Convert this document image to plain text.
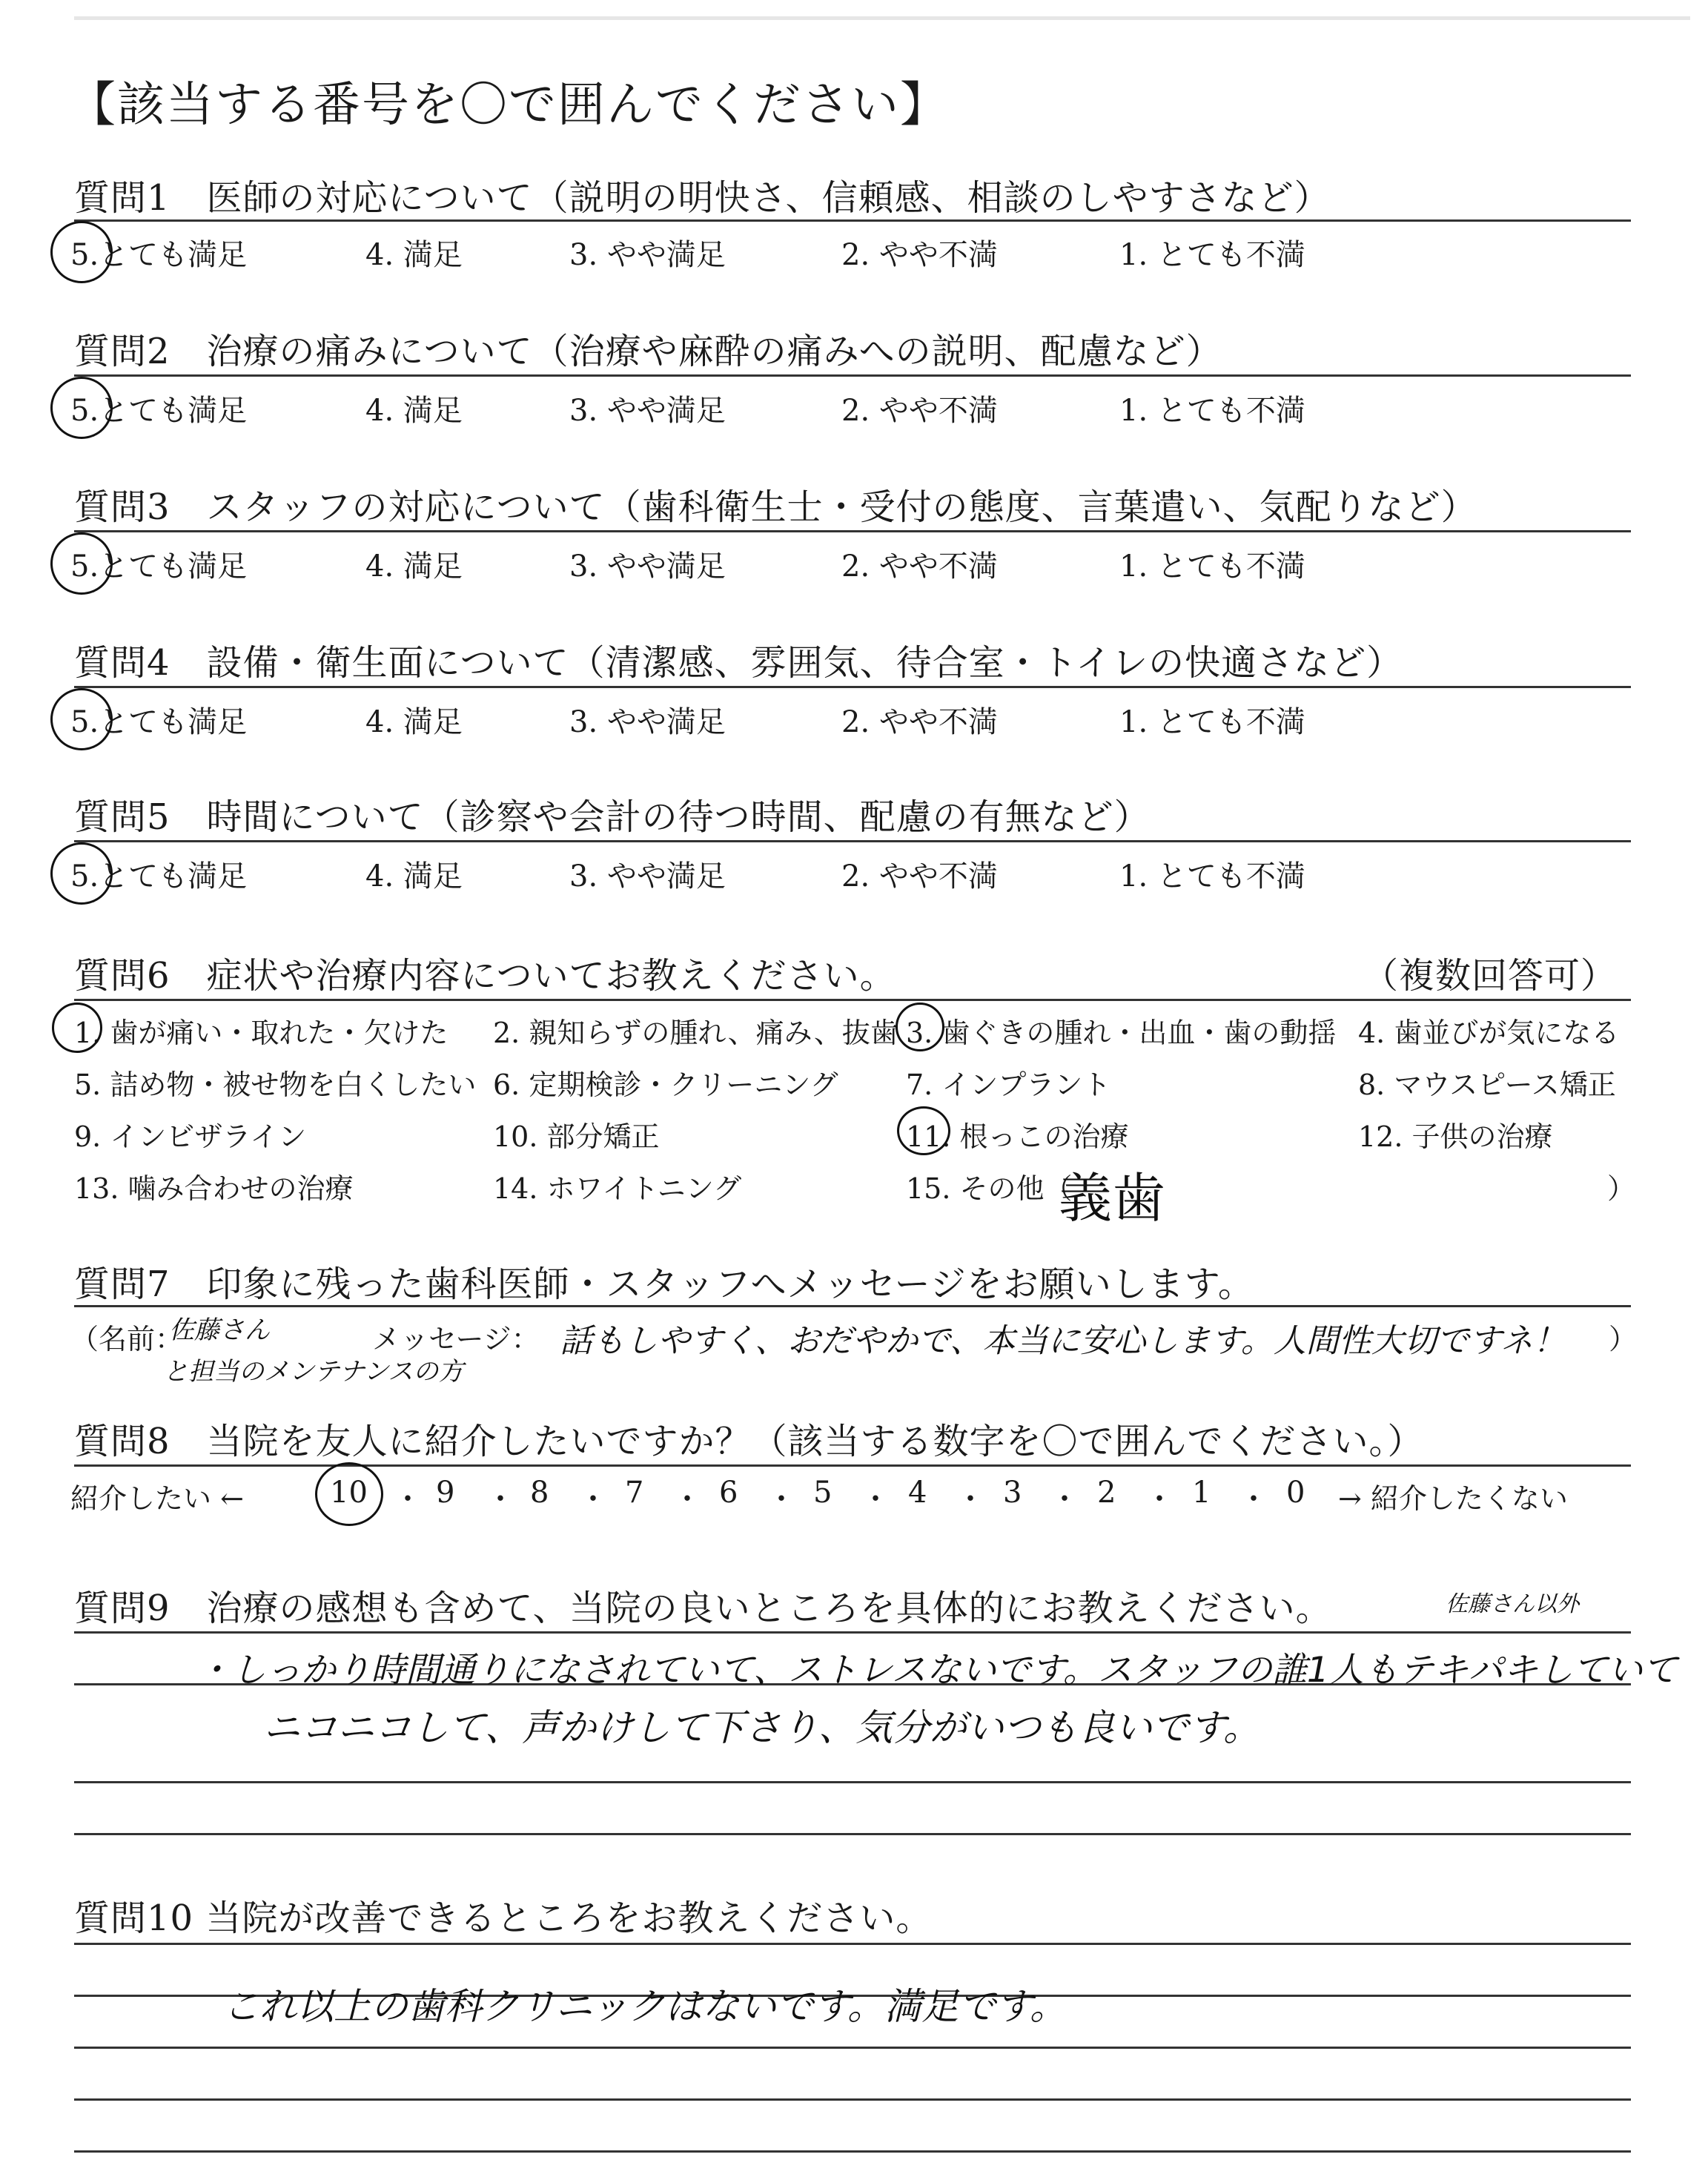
【該当する番号を〇で囲んでください】
質問1　医師の対応について（説明の明快さ、信頼感、相談のしやすさなど）
5.とても満足	4. 満足	3. やや満足	2. やや不満	1. とても不満
質問2　治療の痛みについて（治療や麻酔の痛みへの説明、配慮など）
5.とても満足	4. 満足	3. やや満足	2. やや不満	1. とても不満
質問3　スタッフの対応について（歯科衛生士・受付の態度、言葉遣い、気配りなど）
5.とても満足	4. 満足	3. やや満足	2. やや不満	1. とても不満
質問4　設備・衛生面について（清潔感、雰囲気、待合室・トイレの快適さなど）
5.とても満足	4. 満足	3. やや満足	2. やや不満	1. とても不満
質問5　時間について（診察や会計の待つ時間、配慮の有無など）
5.とても満足	4. 満足	3. やや満足	2. やや不満	1. とても不満
質問6　症状や治療内容についてお教えください。	（複数回答可）
1. 歯が痛い・取れた・欠けた 2. 親知らずの腫れ、痛み、抜歯 3. 歯ぐきの腫れ・出血・歯の動揺 4. 歯並びが気になる
5. 詰め物・被せ物を白くしたい 6. 定期検診・クリーニング 7. インプラント	8. マウスピース矯正
9. インビザライン	10. 部分矯正	11. 根っこの治療	12. 子供の治療
13. 噛み合わせの治療	14. ホワイトニング	15. その他（
義歯	）
質問7　印象に残った歯科医師・スタッフへメッセージをお願いします。
（名前：
佐藤さん
と担当のメンテナンスの方
メッセージ： 話もしやすく、おだやかで、本当に安心します。人間性大切ですネ！ ）
質問8　当院を友人に紹介したいですか？（該当する数字を〇で囲んでください。）
紹介したい ←	10 9	8	7	6	5	4	3	2	1	0
・ ・ ・ ・ ・ ・ ・ ・ ・ ・ → 紹介したくない
質問9　治療の感想も含めて、当院の良いところを具体的にお教えください。	佐藤さん以外
・しっかり時間通りになされていて、ストレスないです。スタッフの誰1人もテキパキしていて
ニコニコして、声かけして下さり、気分がいつも良いです。
質問10 当院が改善できるところをお教えください。
これ以上の歯科クリニックはないです。満足です。
